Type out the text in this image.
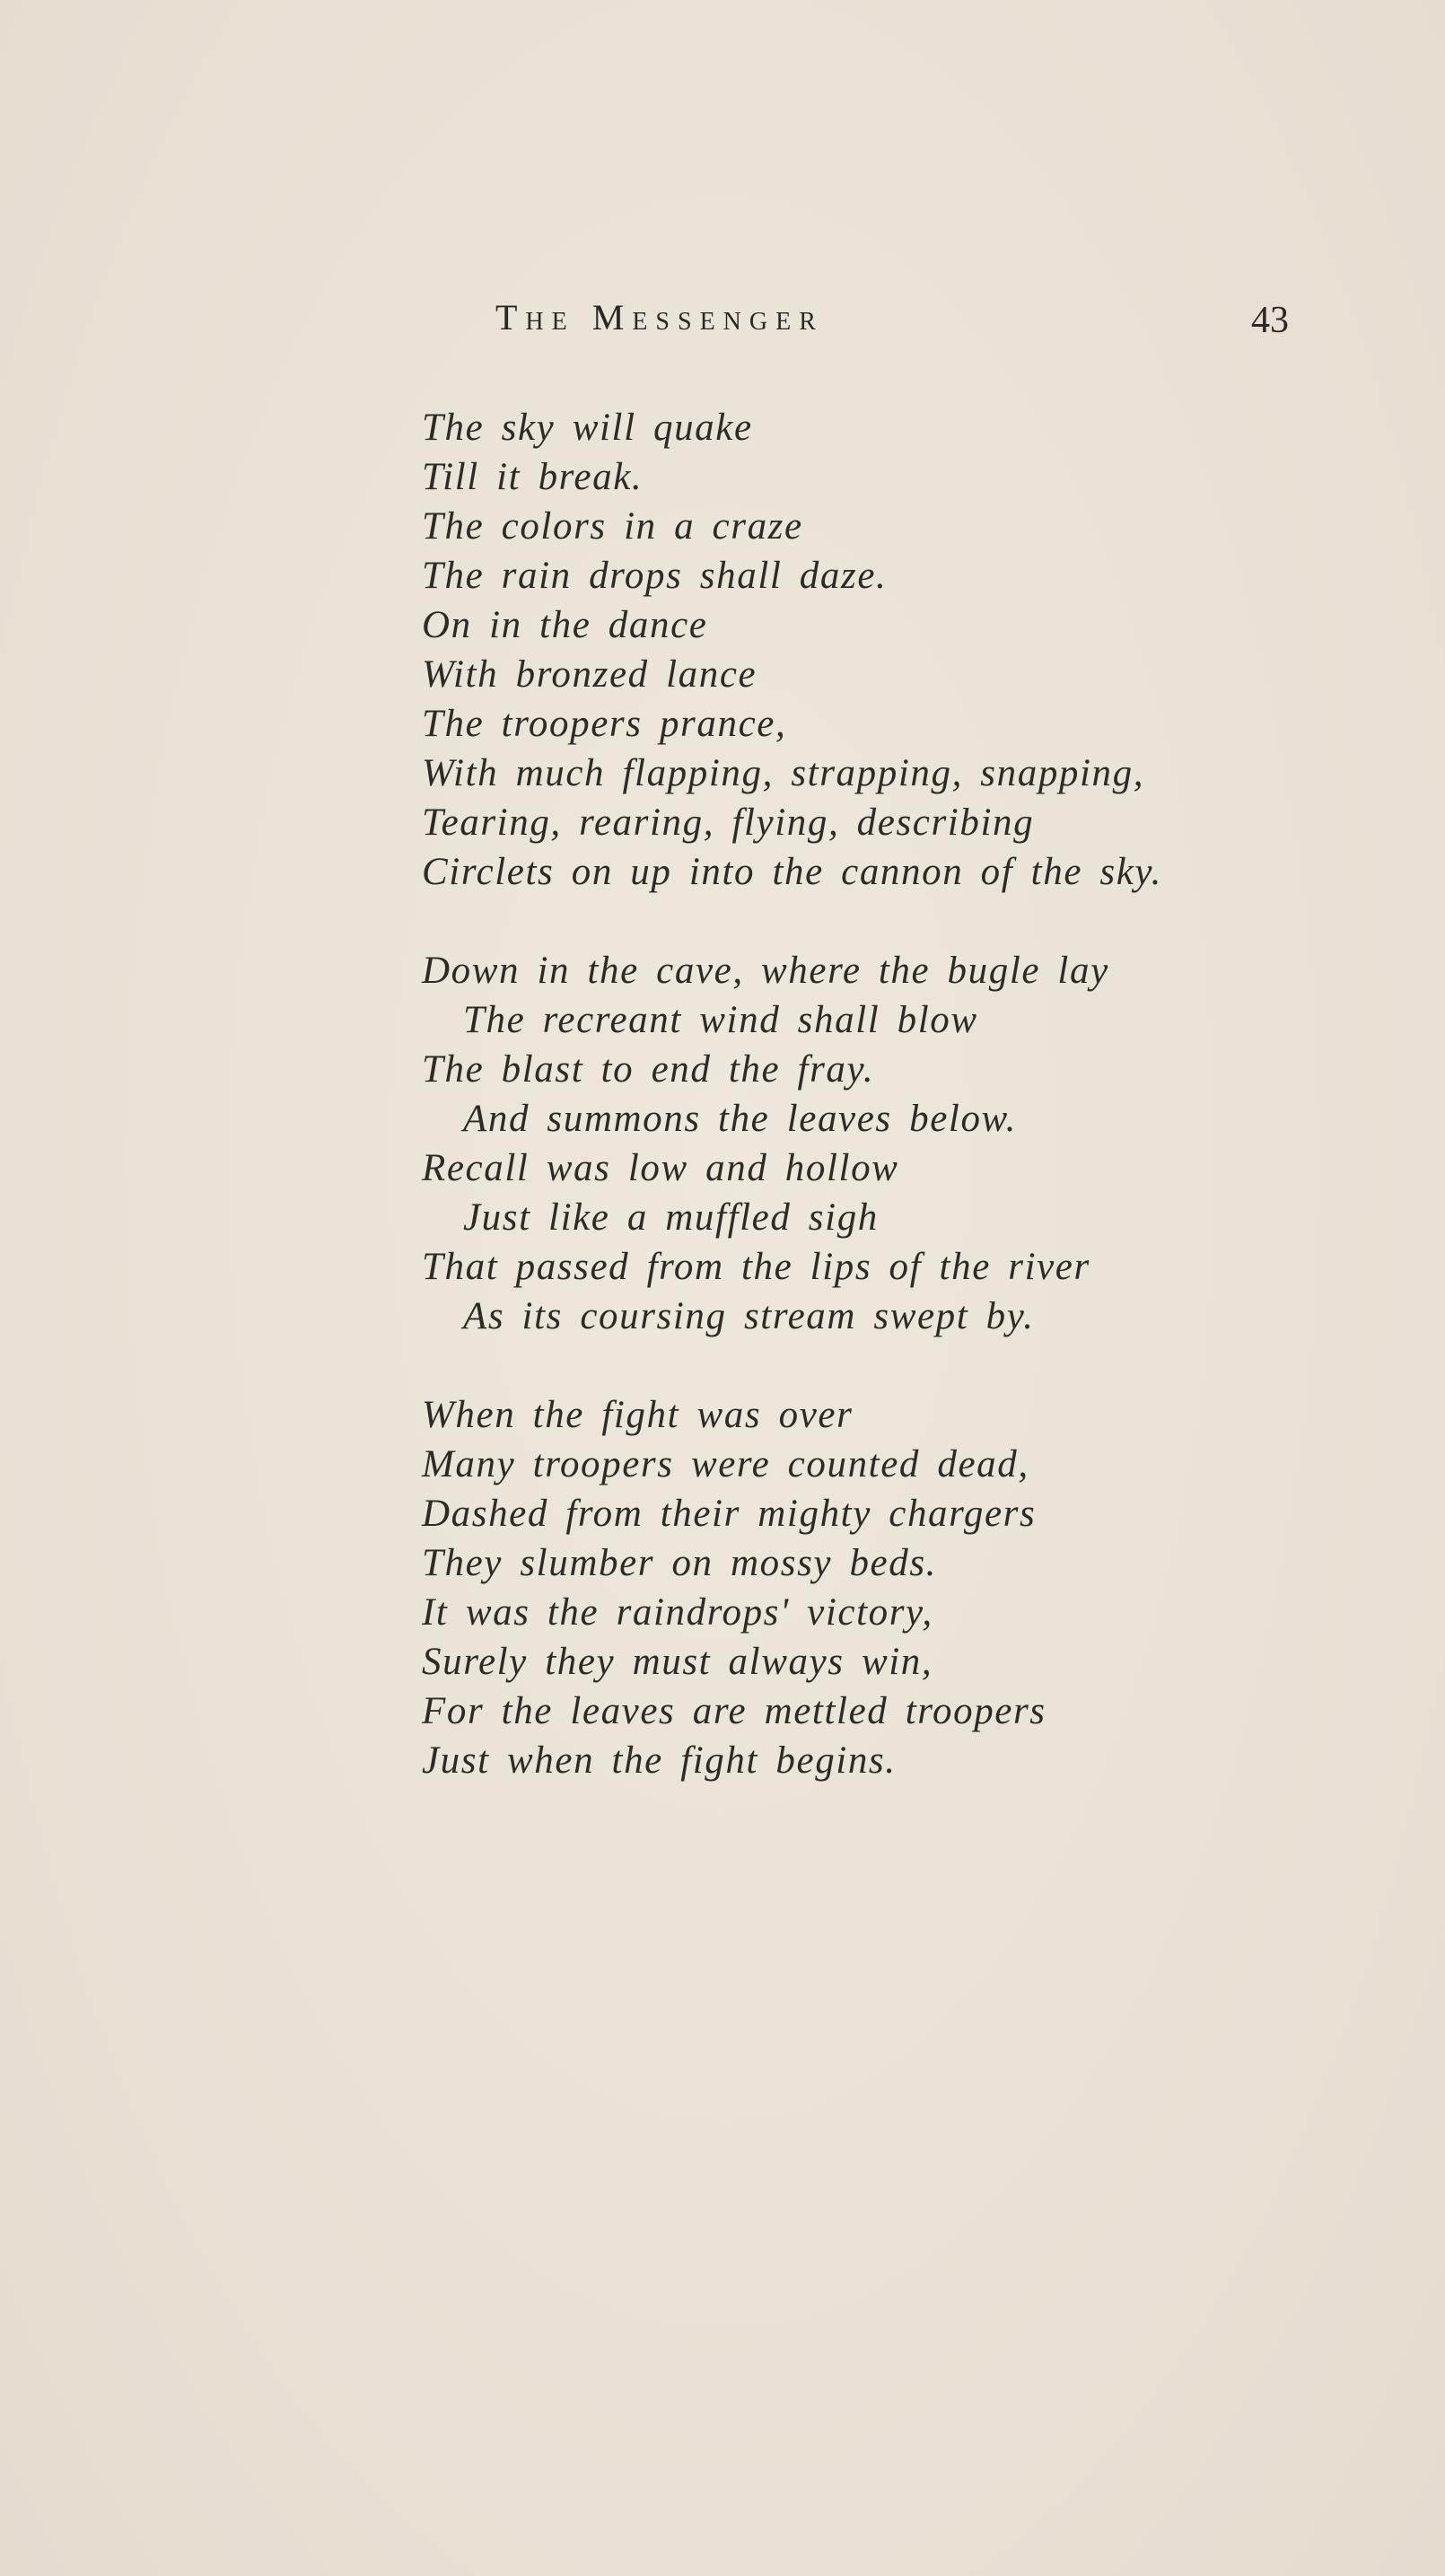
The Messenger	43
The sky will quake
Till it break.
The colors in a craze
The rain drops shall daze.
On in the dance
With bronzed lance
The troopers prance,
With much flapping, strapping, snapping,
Tearing, rearing, flying, describing
Circlets on up into the cannon of the sky.
Down in the cave, where the bugle lay
The recreant wind shall blow
The blast to end the fray.
And summons the leaves below.
Recall was low and hollow
Just like a muffled sigh
That passed from the lips of the river
As its coursing stream swept by.
When the fight was over
Many troopers were counted dead,
Dashed from their mighty chargers
They slumber on mossy beds.
It was the raindrops' victory,
Surely they must always win,
For the leaves are mettled troopers
Just when the fight begins.
